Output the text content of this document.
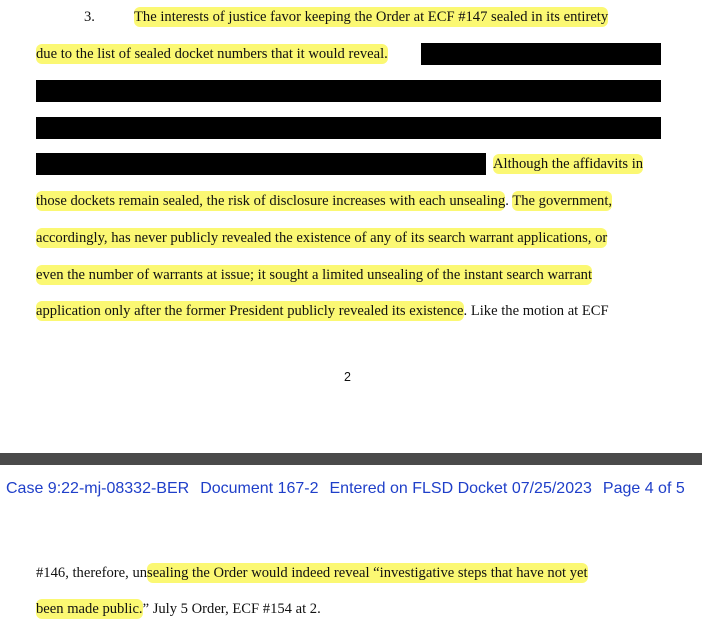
3.	The interests of justice favor keeping the Order at ECF #147 sealed in its entirety
due to the list of sealed docket numbers that it would reveal.
Although the affidavits in
those dockets remain sealed, the risk of disclosure increases with each unsealing. The government,
accordingly, has never publicly revealed the existence of any of its search warrant applications, or
even the number of warrants at issue; it sought a limited unsealing of the instant search warrant
application only after the former President publicly revealed its existence. Like the motion at ECF
2
Case 9:22-mj-08332-BER Document 167-2 Entered on FLSD Docket 07/25/2023 Page 4 of 5
#146, therefore, unsealing the Order would indeed reveal “investigative steps that have not yet
been made public.” July 5 Order, ECF #154 at 2.
